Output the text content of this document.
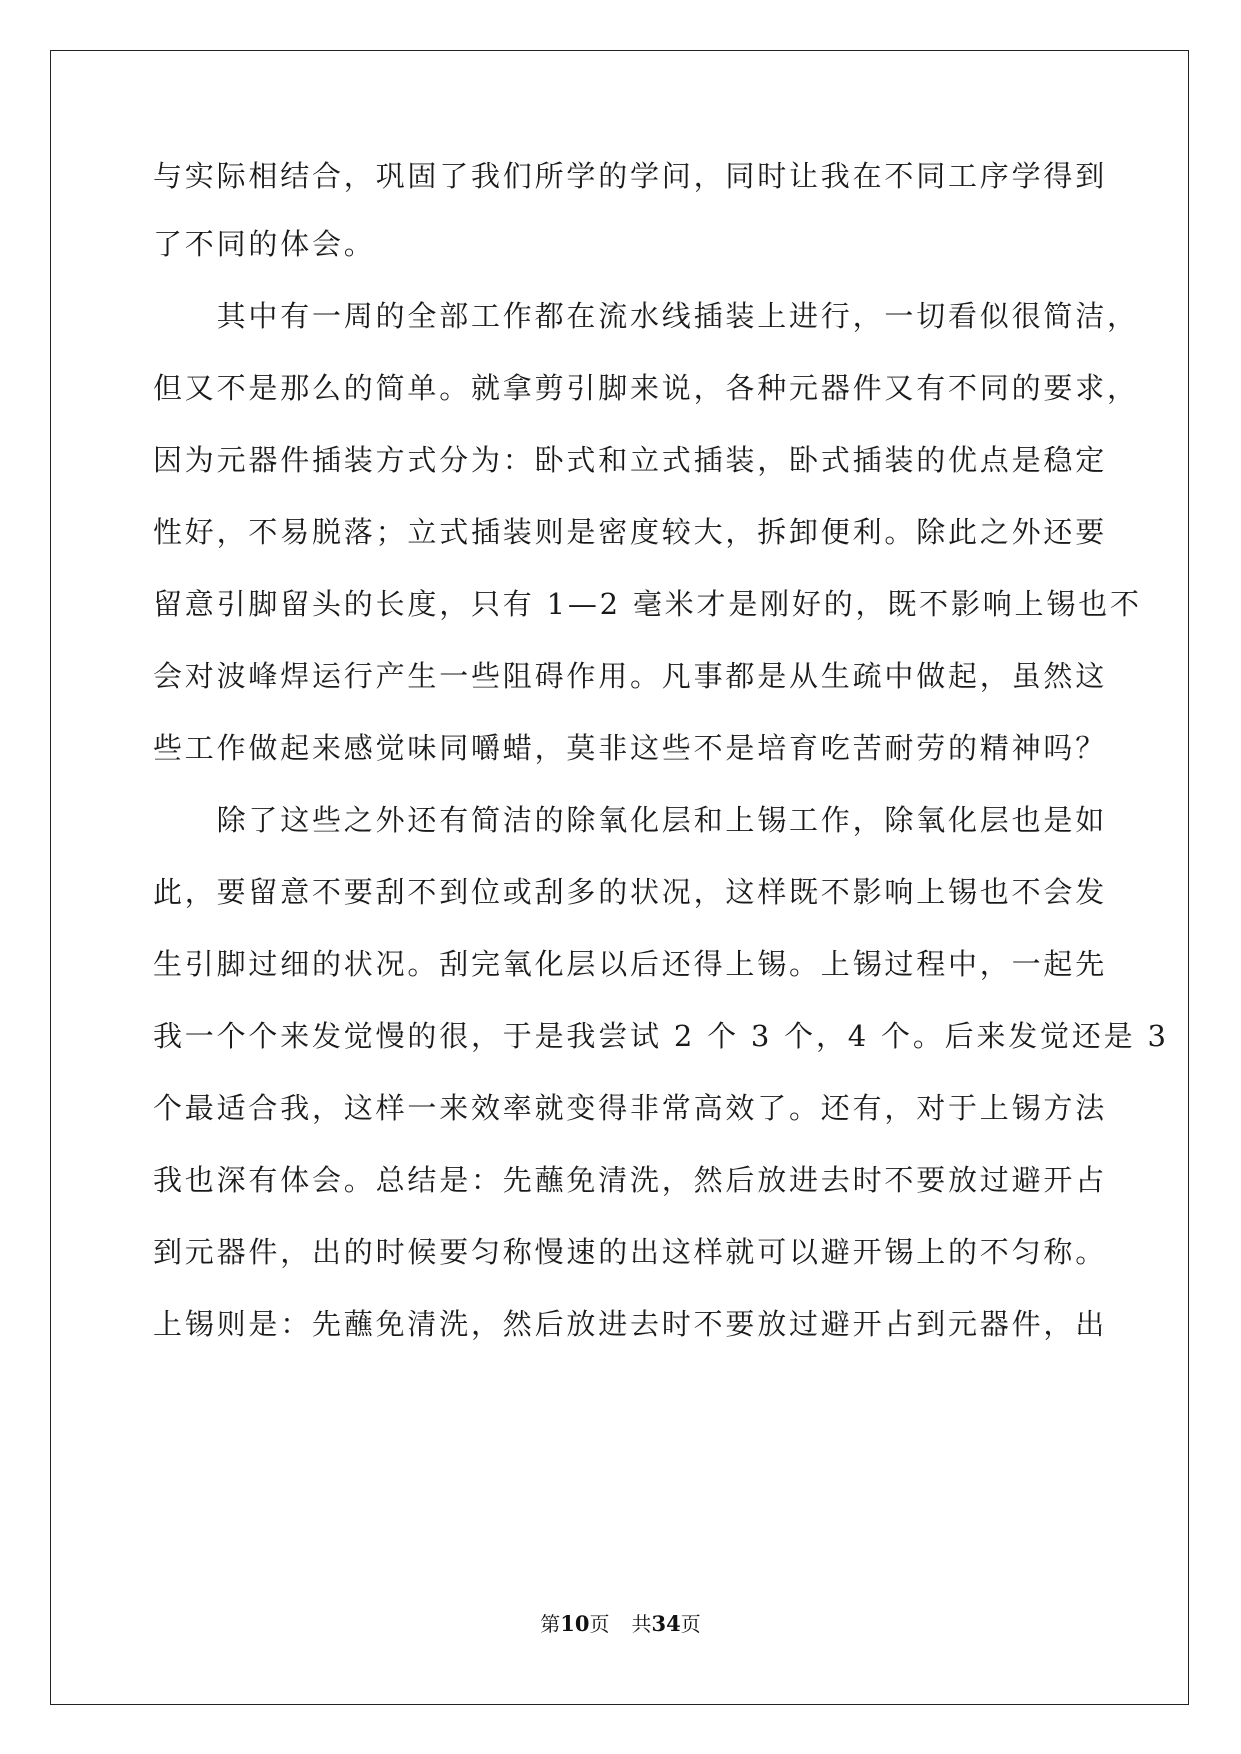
与实际相结合，巩固了我们所学的学问，同时让我在不同工序学得到
了不同的体会。
　　其中有一周的全部工作都在流水线插装上进行，一切看似很简洁，
但又不是那么的简单。就拿剪引脚来说，各种元器件又有不同的要求，
因为元器件插装方式分为：卧式和立式插装，卧式插装的优点是稳定
性好，不易脱落；立式插装则是密度较大，拆卸便利。除此之外还要
留意引脚留头的长度，只有 1—2 毫米才是刚好的，既不影响上锡也不
会对波峰焊运行产生一些阻碍作用。凡事都是从生疏中做起，虽然这
些工作做起来感觉味同嚼蜡，莫非这些不是培育吃苦耐劳的精神吗？
　　除了这些之外还有简洁的除氧化层和上锡工作，除氧化层也是如
此，要留意不要刮不到位或刮多的状况，这样既不影响上锡也不会发
生引脚过细的状况。刮完氧化层以后还得上锡。上锡过程中，一起先
我一个个来发觉慢的很，于是我尝试 2 个 3 个，4 个。后来发觉还是 3
个最适合我，这样一来效率就变得非常高效了。还有，对于上锡方法
我也深有体会。总结是：先蘸免清洗，然后放进去时不要放过避开占
到元器件，出的时候要匀称慢速的出这样就可以避开锡上的不匀称。
上锡则是：先蘸免清洗，然后放进去时不要放过避开占到元器件，出
第10页 共34页
